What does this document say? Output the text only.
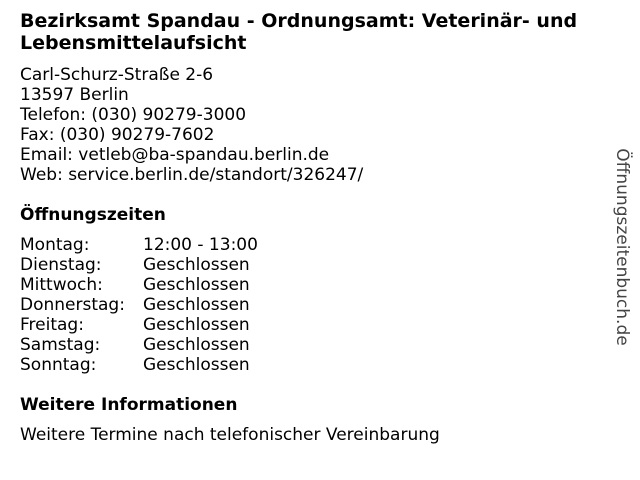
Bezirksamt Spandau - Ordnungsamt: Veterinär- und Lebensmittelaufsicht
Carl-Schurz-Straße 2-6
13597 Berlin
Telefon: (030) 90279-3000
Fax: (030) 90279-7602
Email: vetleb@ba-spandau.berlin.de
Web: service.berlin.de/standort/326247/
Öffnungszeiten
Montag:	12:00 - 13:00
Dienstag:	Geschlossen
Mittwoch:	Geschlossen
Donnerstag:	Geschlossen
Freitag:	Geschlossen
Samstag:	Geschlossen
Sonntag:	Geschlossen
Weitere Informationen
Weitere Termine nach telefonischer Vereinbarung
Öffnungszeitenbuch.de
